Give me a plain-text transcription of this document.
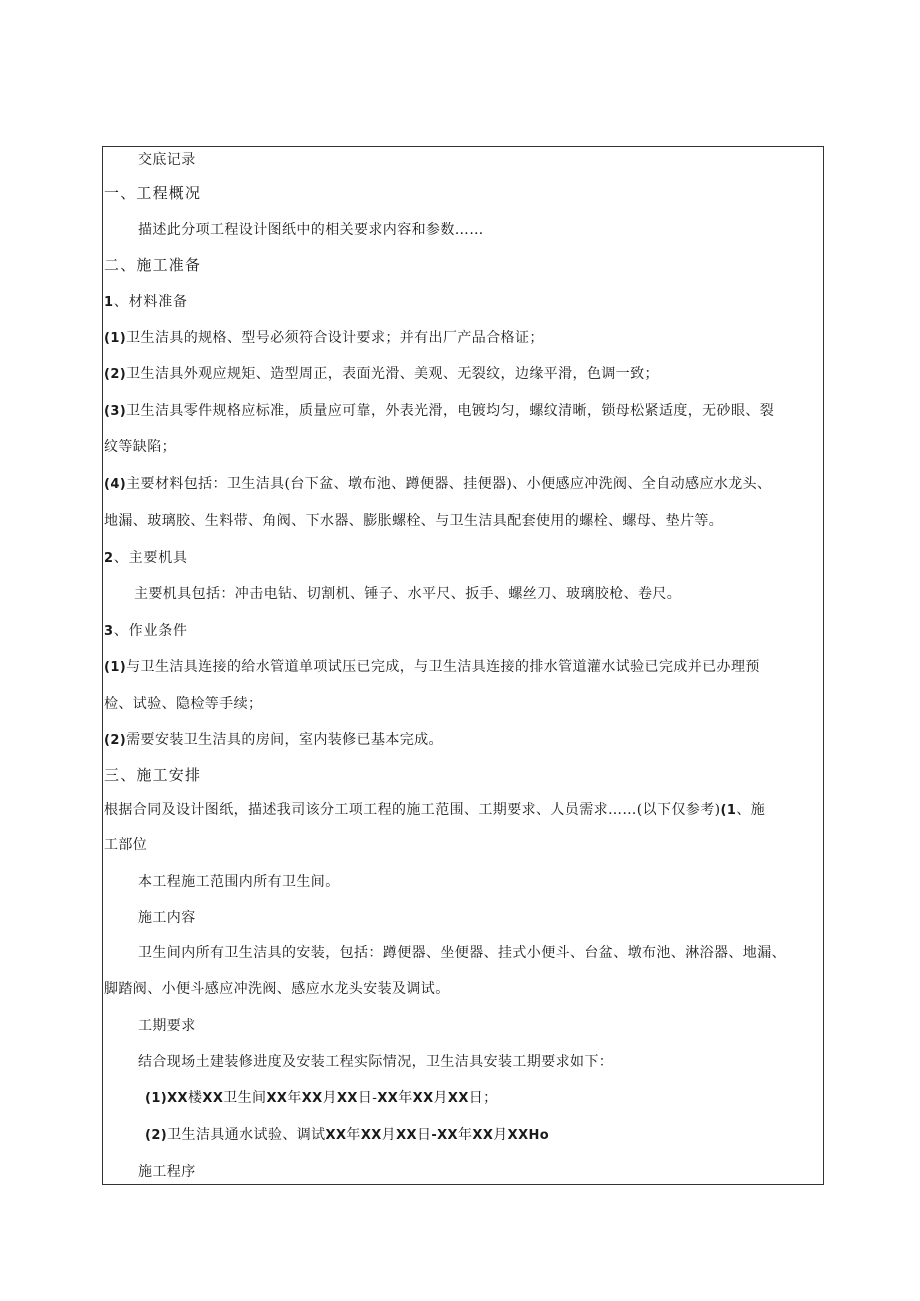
交底记录
一、工程概况
描述此分项工程设计图纸中的相关要求内容和参数……
二、施工准备
1、材料准备
(1)卫生洁具的规格、型号必须符合设计要求；并有出厂产品合格证；
(2)卫生洁具外观应规矩、造型周正，表面光滑、美观、无裂纹，边缘平滑，色调一致；
(3)卫生洁具零件规格应标准，质量应可靠，外表光滑，电镀均匀，螺纹清晰，锁母松紧适度，无砂眼、裂
纹等缺陷；
(4)主要材料包括：卫生洁具(台下盆、墩布池、蹲便器、挂便器)、小便感应冲洗阀、全自动感应水龙头、
地漏、玻璃胶、生料带、角阀、下水器、膨胀螺栓、与卫生洁具配套使用的螺栓、螺母、垫片等。
2、主要机具
主要机具包括：冲击电钻、切割机、锤子、水平尺、扳手、螺丝刀、玻璃胶枪、卷尺。
3、作业条件
(1)与卫生洁具连接的给水管道单项试压已完成，与卫生洁具连接的排水管道灌水试验已完成并已办理预
检、试验、隐检等手续；
(2)需要安装卫生洁具的房间，室内装修已基本完成。
三、施工安排
根据合同及设计图纸，描述我司该分工项工程的施工范围、工期要求、人员需求……(以下仅参考)(1、施
工部位
本工程施工范围内所有卫生间。
施工内容
卫生间内所有卫生洁具的安装，包括：蹲便器、坐便器、挂式小便斗、台盆、墩布池、淋浴器、地漏、
脚踏阀、小便斗感应冲洗阀、感应水龙头安装及调试。
工期要求
结合现场土建装修进度及安装工程实际情况，卫生洁具安装工期要求如下：
(1)XX楼XX卫生间XX年XX月XX日-XX年XX月XX日；
(2)卫生洁具通水试验、调试XX年XX月XX日-XX年XX月XXHo
施工程序
